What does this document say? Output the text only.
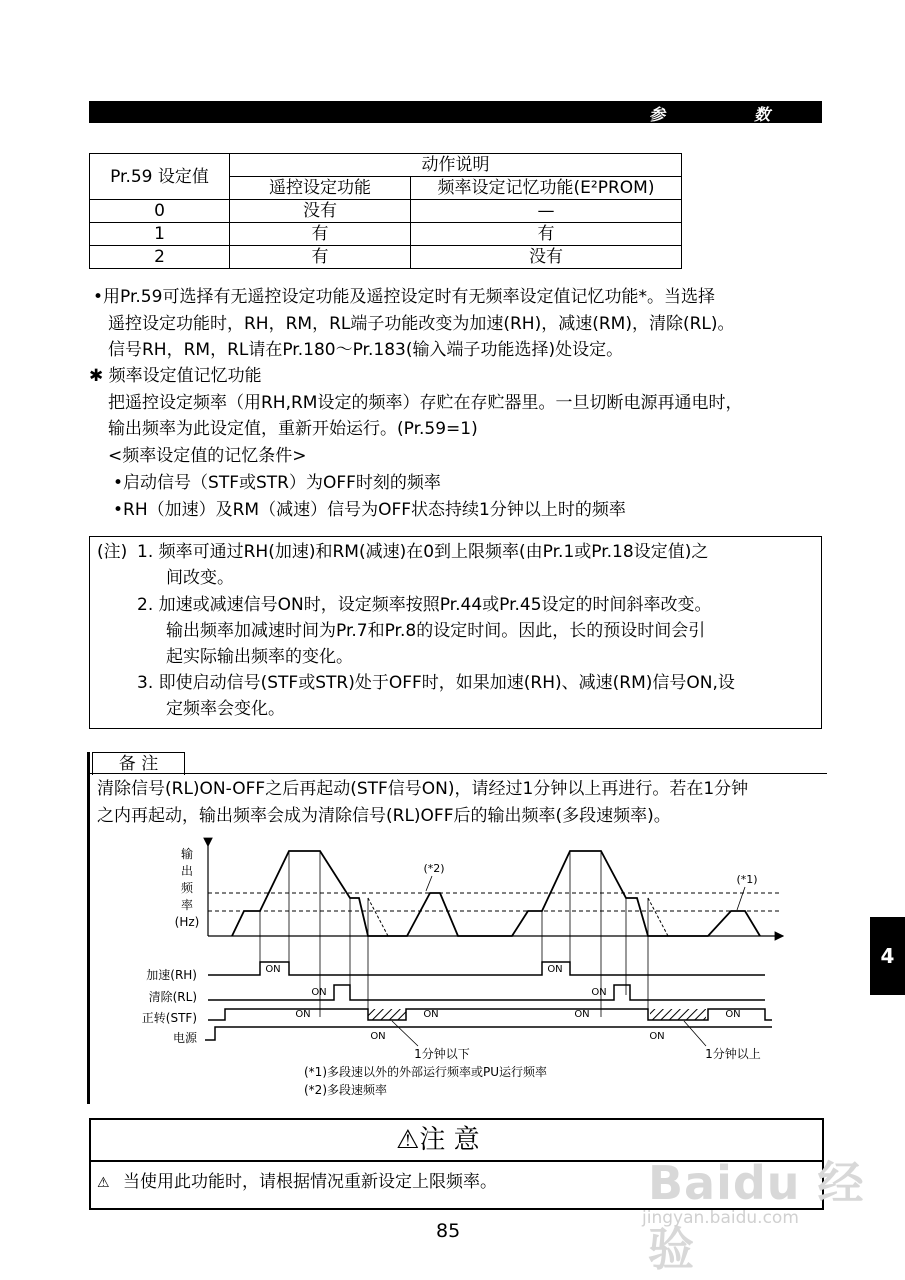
参	数
Pr.59 设定值	动作说明	
	遥控设定功能	频率设定记忆功能(E²PROM)
0	没有	—
1	有	有
2	有	没有
•用Pr.59可选择有无遥控设定功能及遥控设定时有无频率设定值记忆功能*。当选择
遥控设定功能时，RH，RM，RL端子功能改变为加速(RH)，减速(RM)，清除(RL)。
信号RH，RM，RL请在Pr.180～Pr.183(输入端子功能选择)处设定。
✱ 频率设定值记忆功能
把遥控设定频率（用RH,RM设定的频率）存贮在存贮器里。一旦切断电源再通电时，
输出频率为此设定值，重新开始运行。(Pr.59=1)
<频率设定值的记忆条件>
•启动信号（STF或STR）为OFF时刻的频率
•RH（加速）及RM（减速）信号为OFF状态持续1分钟以上时的频率
(注) 1. 频率可通过RH(加速)和RM(减速)在0到上限频率(由Pr.1或Pr.18设定值)之
间改变。
2. 加速或减速信号ON时，设定频率按照Pr.44或Pr.45设定的时间斜率改变。
输出频率加减速时间为Pr.7和Pr.8的设定时间。因此，长的预设时间会引
起实际输出频率的变化。
3. 即使启动信号(STF或STR)处于OFF时，如果加速(RH)、减速(RM)信号ON,设
定频率会变化。
备 注
清除信号(RL)ON-OFF之后再起动(STF信号ON)，请经过1分钟以上再进行。若在1分钟
之内再起动，输出频率会成为清除信号(RL)OFF后的输出频率(多段速频率)。
输
出
频
率
(Hz)
(*2)
(*1)
加速(RH)
清除(RL)
正转(STF)
电源
ON	ON
ON	ON
ON	ON	ON	ON
ON	ON
1分钟以下	1分钟以上
(*1)多段速以外的外部运行频率或PU运行频率
(*2)多段速频率
⚠注 意
⚠ 当使用此功能时，请根据情况重新设定上限频率。
4
Baidu 经验
jingyan.baidu.com
85
